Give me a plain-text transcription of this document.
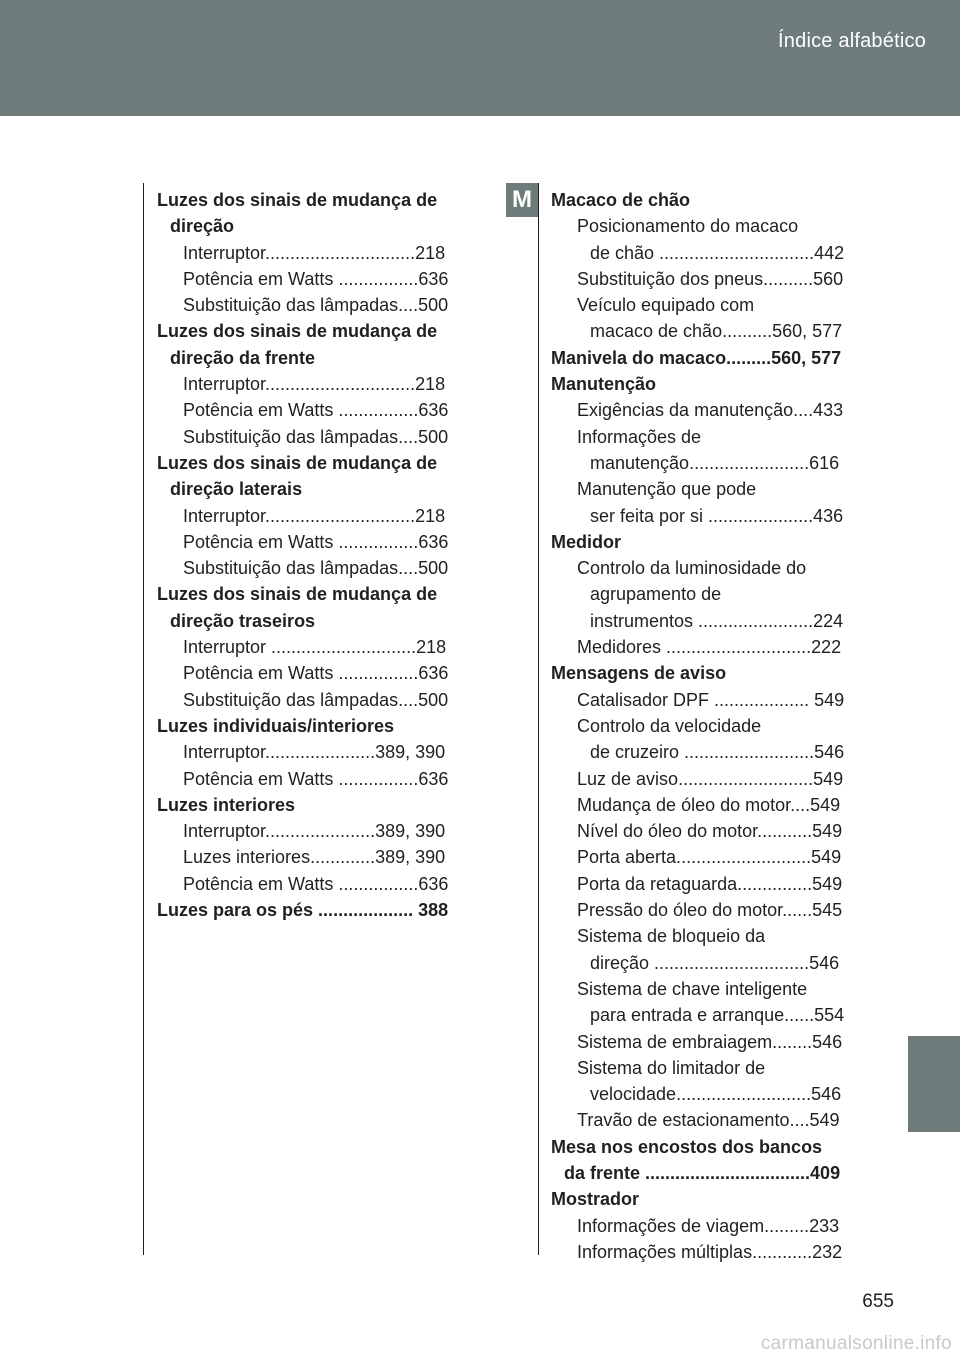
Índice alfabético
M
Luzes dos sinais de mudança de
direção
Interruptor..............................218
Potência em Watts ................636
Substituição das lâmpadas....500
Luzes dos sinais de mudança de
direção da frente
Interruptor..............................218
Potência em Watts ................636
Substituição das lâmpadas....500
Luzes dos sinais de mudança de
direção laterais
Interruptor..............................218
Potência em Watts ................636
Substituição das lâmpadas....500
Luzes dos sinais de mudança de
direção traseiros
Interruptor .............................218
Potência em Watts ................636
Substituição das lâmpadas....500
Luzes individuais/interiores
Interruptor......................389, 390
Potência em Watts ................636
Luzes interiores
Interruptor......................389, 390
Luzes interiores.............389, 390
Potência em Watts ................636
Luzes para os pés ................... 388
Macaco de chão
Posicionamento do macaco
de chão ...............................442
Substituição dos pneus..........560
Veículo equipado com
macaco de chão..........560, 577
Manivela do macaco.........560, 577
Manutenção
Exigências da manutenção....433
Informações de
manutenção........................616
Manutenção que pode
ser feita por si .....................436
Medidor
Controlo da luminosidade do
agrupamento de
instrumentos .......................224
Medidores .............................222
Mensagens de aviso
Catalisador DPF ................... 549
Controlo da velocidade
de cruzeiro ..........................546
Luz de aviso...........................549
Mudança de óleo do motor....549
Nível do óleo do motor...........549
Porta aberta...........................549
Porta da retaguarda...............549
Pressão do óleo do motor......545
Sistema de bloqueio da
direção ...............................546
Sistema de chave inteligente
para entrada e arranque......554
Sistema de embraiagem........546
Sistema do limitador de
velocidade...........................546
Travão de estacionamento....549
Mesa nos encostos dos bancos
da frente .................................409
Mostrador
Informações de viagem.........233
Informações múltiplas............232
655
carmanualsonline.info
